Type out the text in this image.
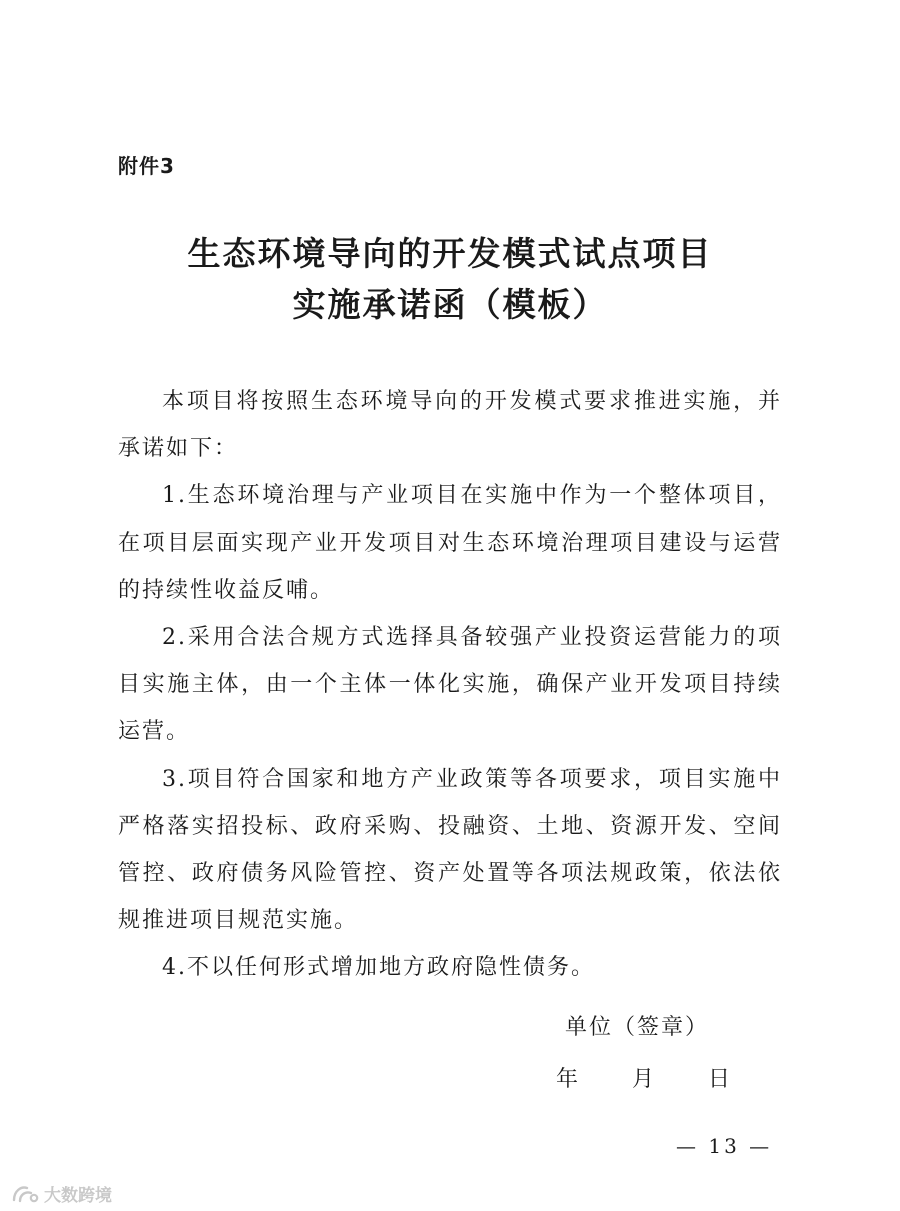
附件3
生态环境导向的开发模式试点项目
实施承诺函（模板）

本项目将按照生态环境导向的开发模式要求推进实施，并承诺如下：

1.生态环境治理与产业项目在实施中作为一个整体项目，在项目层面实现产业开发项目对生态环境治理项目建设与运营的持续性收益反哺。

2.采用合法合规方式选择具备较强产业投资运营能力的项目实施主体，由一个主体一体化实施，确保产业开发项目持续运营。

3.项目符合国家和地方产业政策等各项要求，项目实施中严格落实招投标、政府采购、投融资、土地、资源开发、空间管控、政府债务风险管控、资产处置等各项法规政策，依法依规推进项目规范实施。

4.不以任何形式增加地方政府隐性债务。

单位（签章）
年	月	日
— 13 —
大数跨境
